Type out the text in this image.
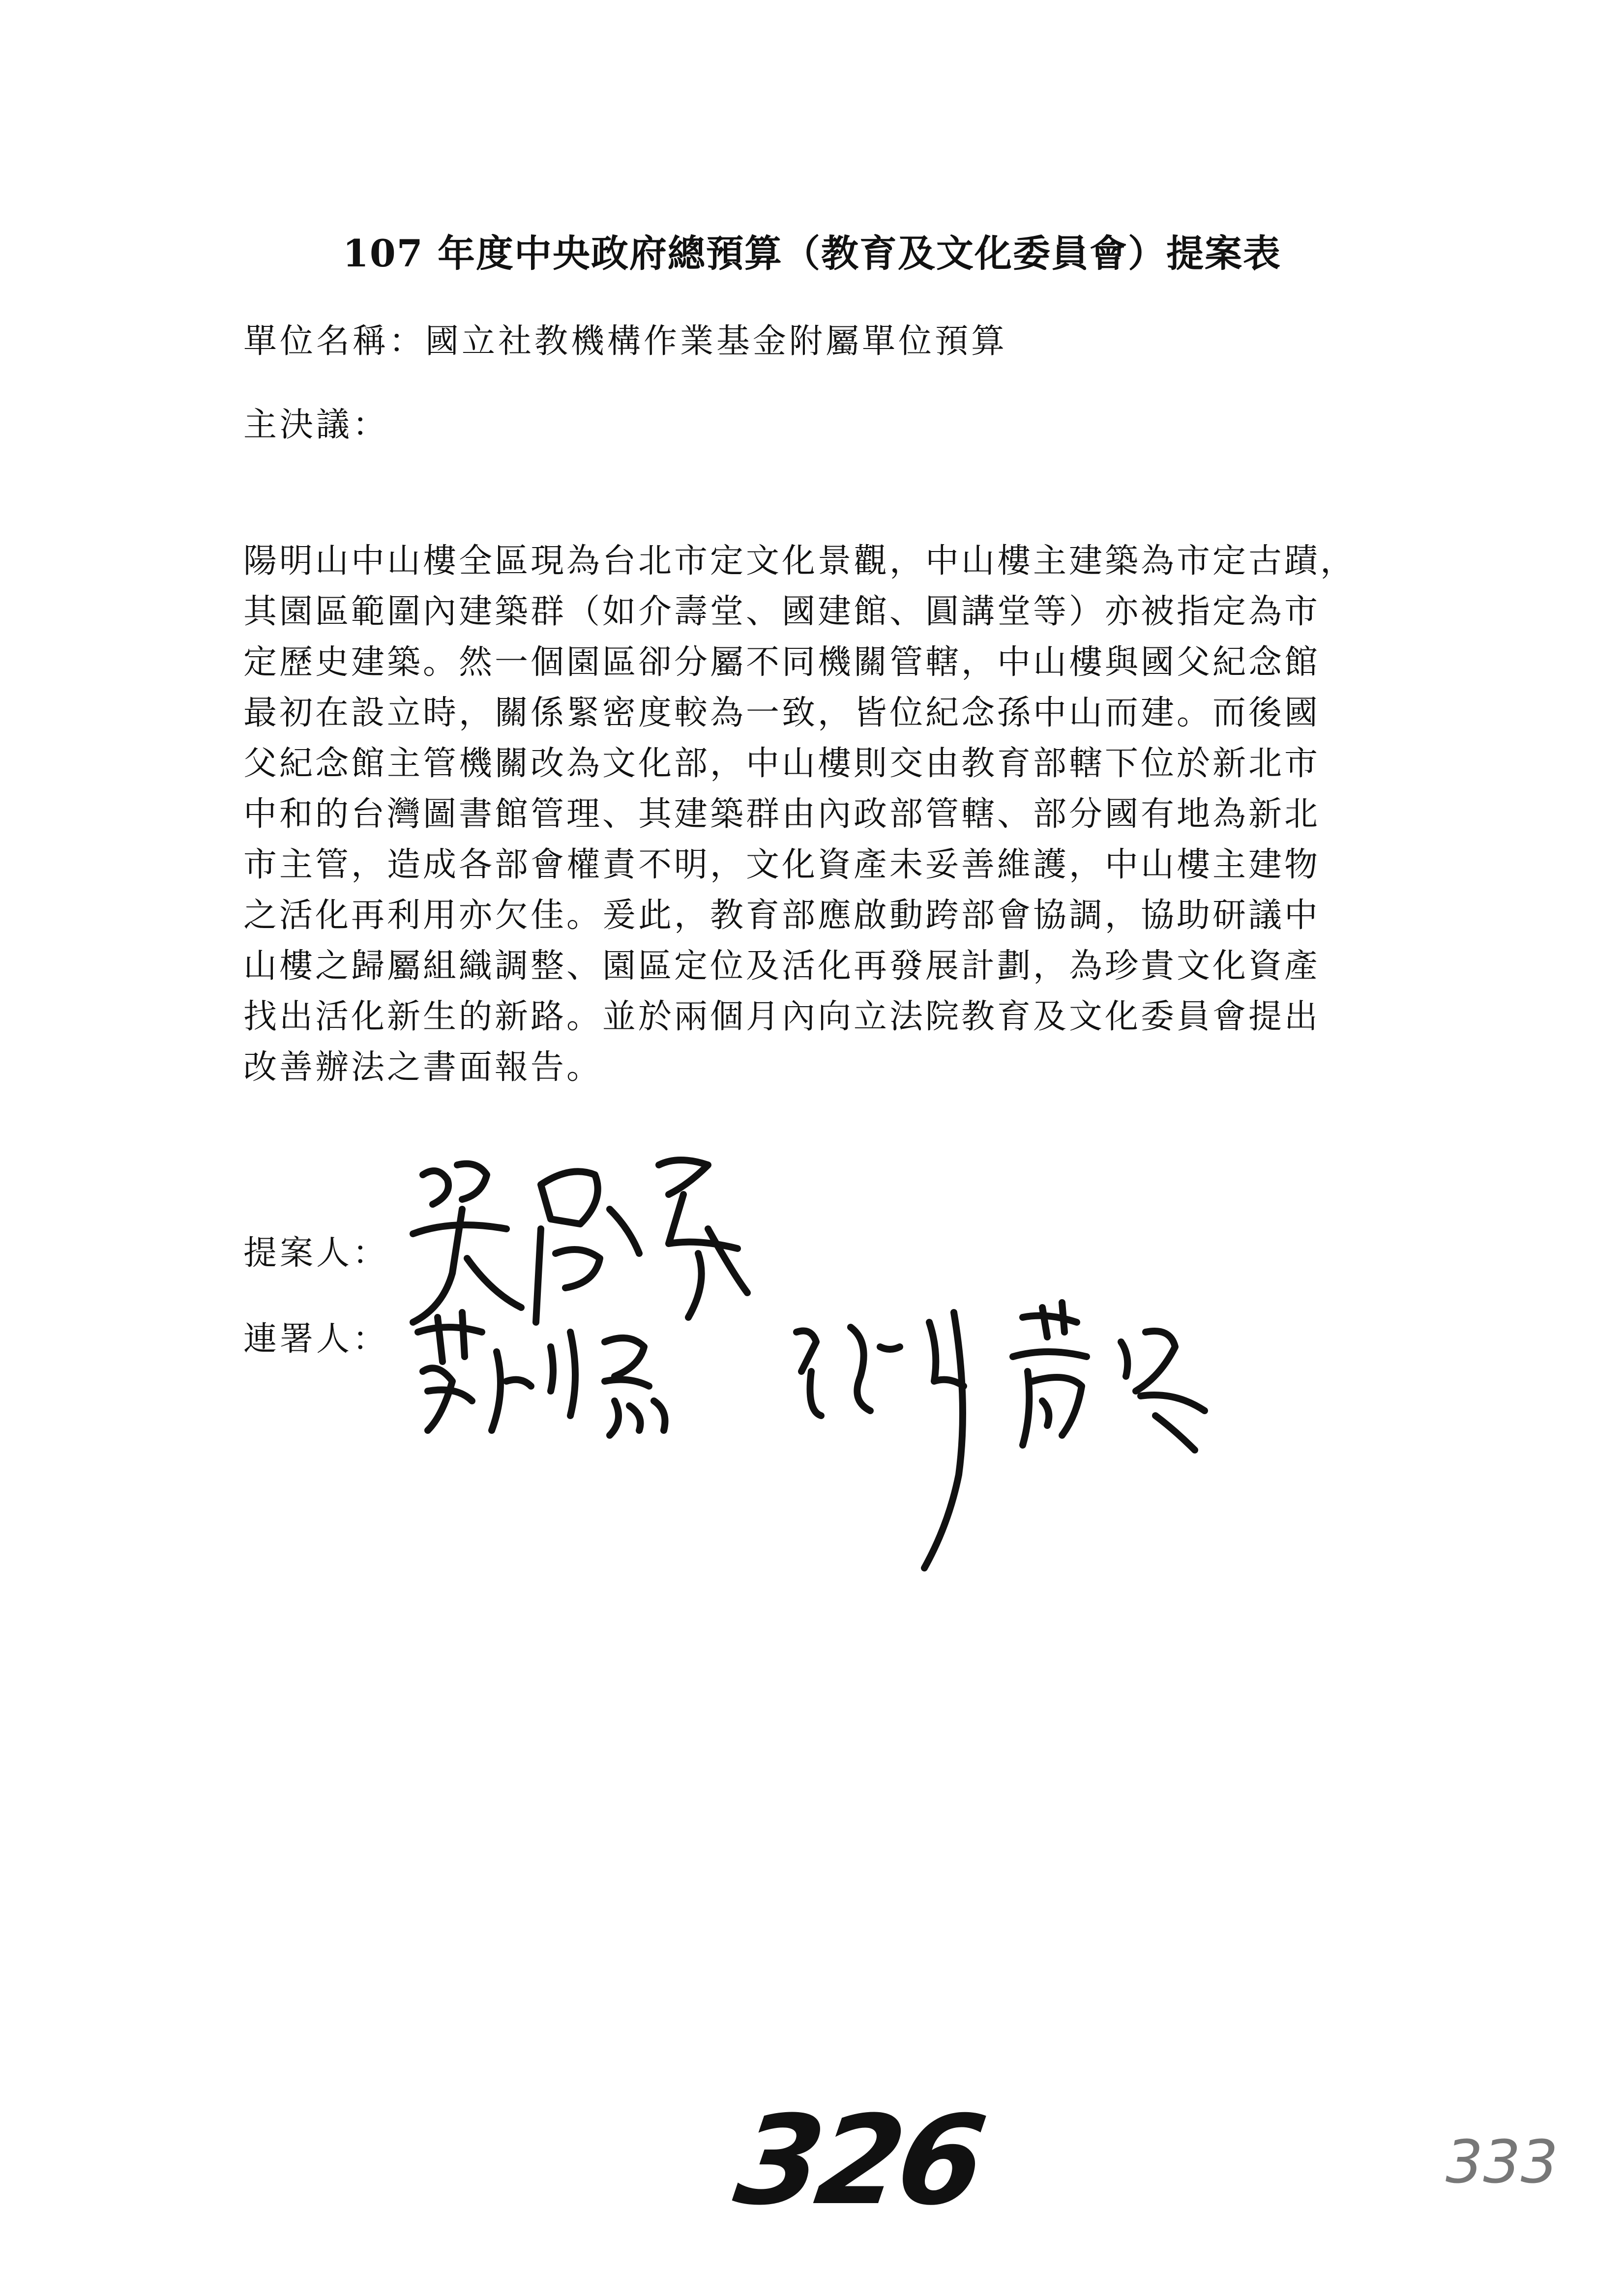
107 年度中央政府總預算（教育及文化委員會）提案表
單位名稱：國立社教機構作業基金附屬單位預算
主決議：
陽明山中山樓全區現為台北市定文化景觀，中山樓主建築為市定古蹟，
其園區範圍內建築群（如介壽堂、國建館、圓講堂等）亦被指定為市
定歷史建築。然一個園區卻分屬不同機關管轄，中山樓與國父紀念館
最初在設立時，關係緊密度較為一致，皆位紀念孫中山而建。而後國
父紀念館主管機關改為文化部，中山樓則交由教育部轄下位於新北市
中和的台灣圖書館管理、其建築群由內政部管轄、部分國有地為新北
市主管，造成各部會權責不明，文化資產未妥善維護，中山樓主建物
之活化再利用亦欠佳。爰此，教育部應啟動跨部會協調，協助研議中
山樓之歸屬組織調整、園區定位及活化再發展計劃，為珍貴文化資產
找出活化新生的新路。並於兩個月內向立法院教育及文化委員會提出
改善辦法之書面報告。
提案人：
連署人：
326	333
